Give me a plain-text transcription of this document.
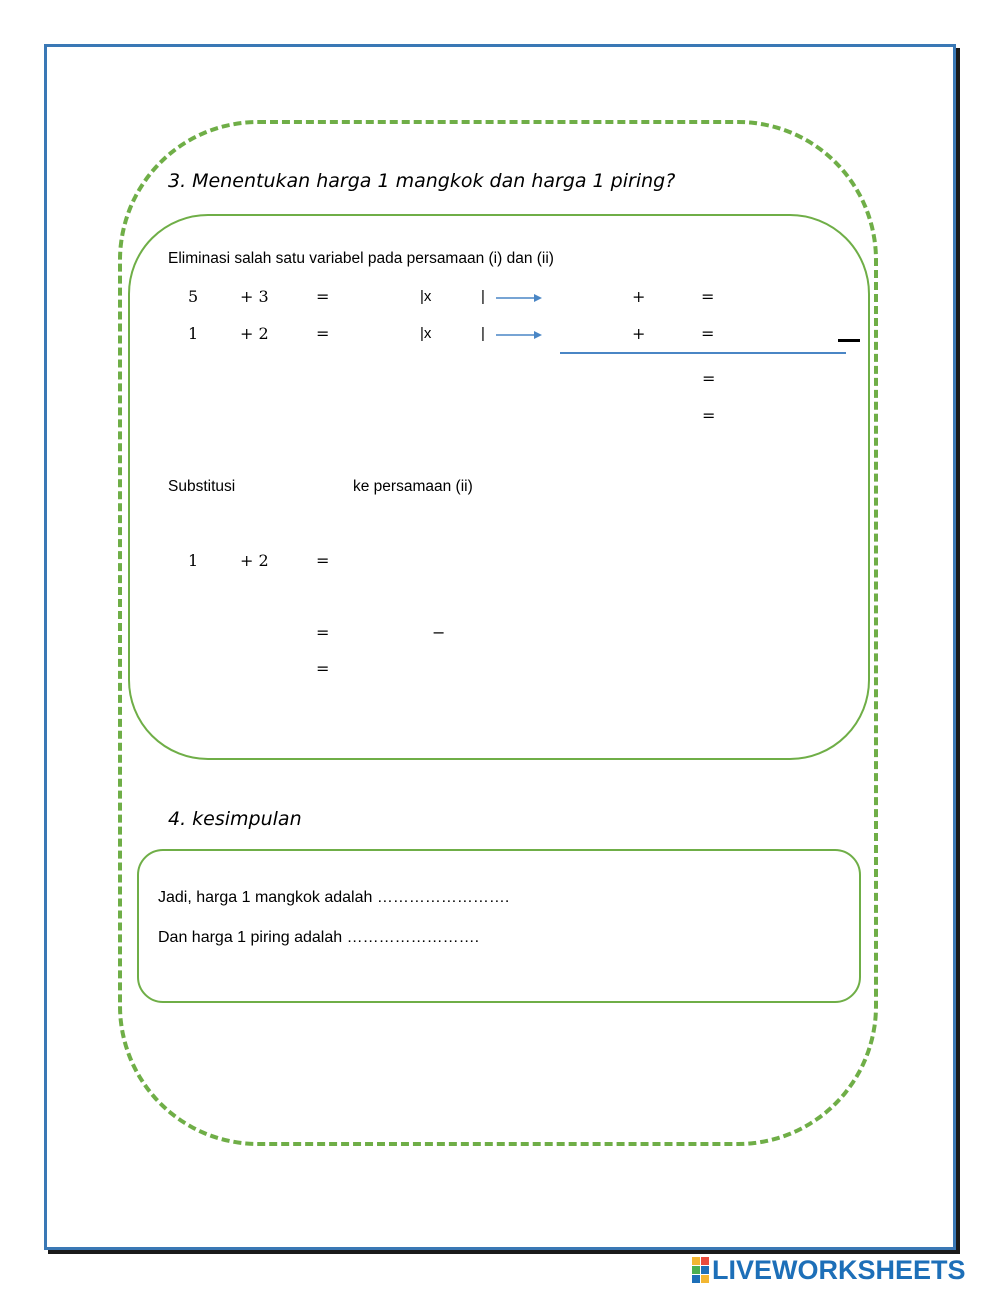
3. Menentukan harga 1 mangkok dan harga 1 piring?
Eliminasi salah satu variabel pada persamaan (i) dan (ii)
5	+ 3	=	|x	|	+	=
1	+ 2	=	|x	|	+	=
=
=
Substitusi	ke persamaan (ii)
1	+ 2	=
=	−
=
4. kesimpulan
Jadi, harga 1 mangkok adalah …………………….
Dan harga 1 piring adalah …………………….
LIVEWORKSHEETS
